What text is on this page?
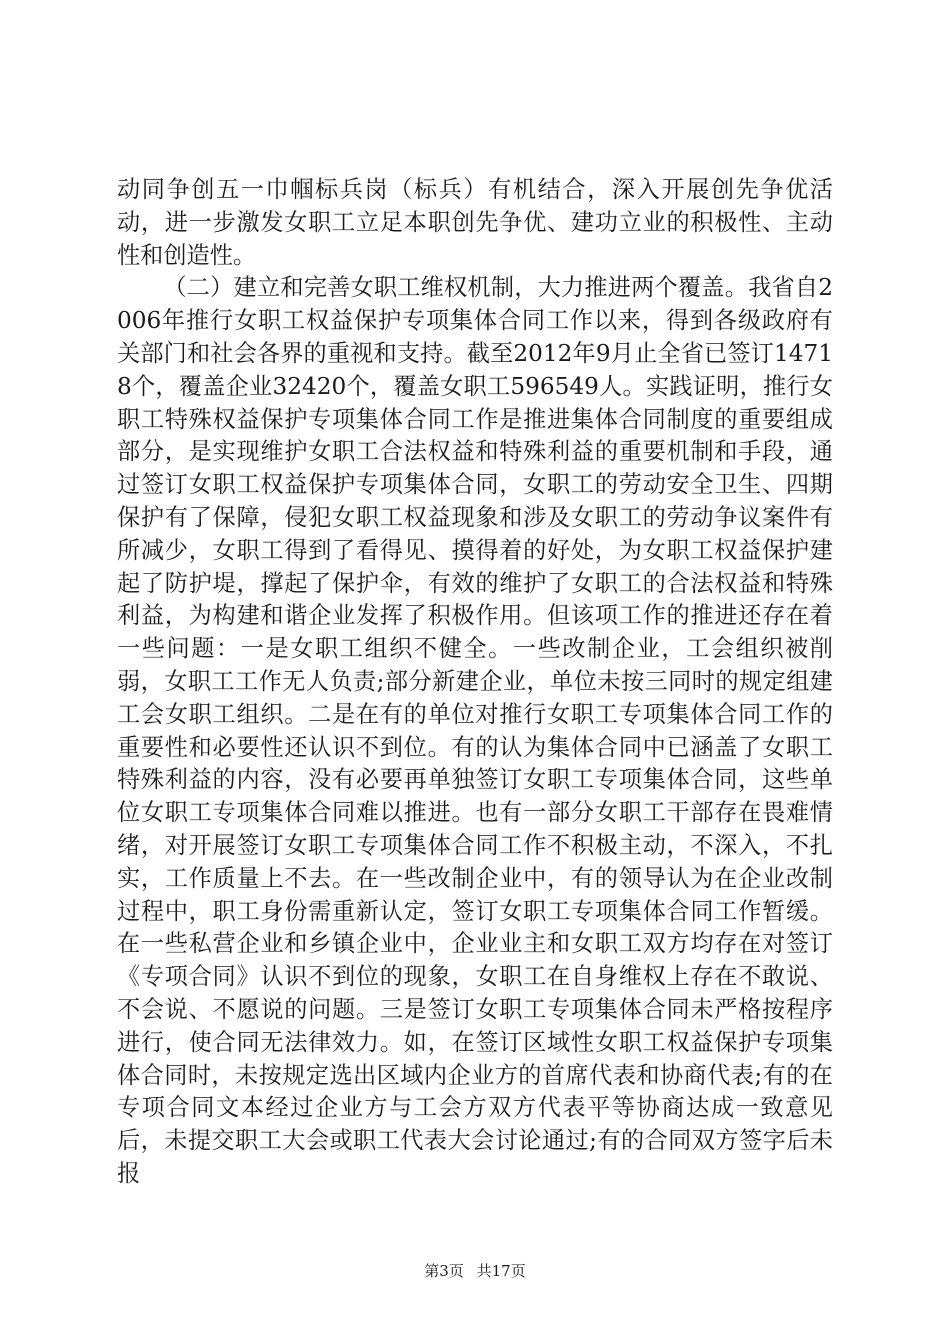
动同争创五一巾帼标兵岗（标兵）有机结合，深入开展创先争优活动，进一步激发女职工立足本职创先争优、建功立业的积极性、主动性和创造性。

（二）建立和完善女职工维权机制，大力推进两个覆盖。我省自2006年推行女职工权益保护专项集体合同工作以来，得到各级政府有关部门和社会各界的重视和支持。截至2012年9月止全省已签订14718个，覆盖企业32420个，覆盖女职工596549人。实践证明，推行女职工特殊权益保护专项集体合同工作是推进集体合同制度的重要组成部分，是实现维护女职工合法权益和特殊利益的重要机制和手段，通过签订女职工权益保护专项集体合同，女职工的劳动安全卫生、四期保护有了保障，侵犯女职工权益现象和涉及女职工的劳动争议案件有所减少，女职工得到了看得见、摸得着的好处，为女职工权益保护建起了防护堤，撑起了保护伞，有效的维护了女职工的合法权益和特殊利益，为构建和谐企业发挥了积极作用。但该项工作的推进还存在着一些问题：一是女职工组织不健全。一些改制企业，工会组织被削弱，女职工工作无人负责;部分新建企业，单位未按三同时的规定组建工会女职工组织。二是在有的单位对推行女职工专项集体合同工作的重要性和必要性还认识不到位。有的认为集体合同中已涵盖了女职工特殊利益的内容，没有必要再单独签订女职工专项集体合同，这些单位女职工专项集体合同难以推进。也有一部分女职工干部存在畏难情绪，对开展签订女职工专项集体合同工作不积极主动，不深入，不扎实，工作质量上不去。在一些改制企业中，有的领导认为在企业改制过程中，职工身份需重新认定，签订女职工专项集体合同工作暂缓。在一些私营企业和乡镇企业中，企业业主和女职工双方均存在对签订《专项合同》认识不到位的现象，女职工在自身维权上存在不敢说、不会说、不愿说的问题。三是签订女职工专项集体合同未严格按程序进行，使合同无法律效力。如，在签订区域性女职工权益保护专项集体合同时，未按规定选出区域内企业方的首席代表和协商代表;有的在专项合同文本经过企业方与工会方双方代表平等协商达成一致意见后，未提交职工大会或职工代表大会讨论通过;有的合同双方签字后未报

第3页 共17页
